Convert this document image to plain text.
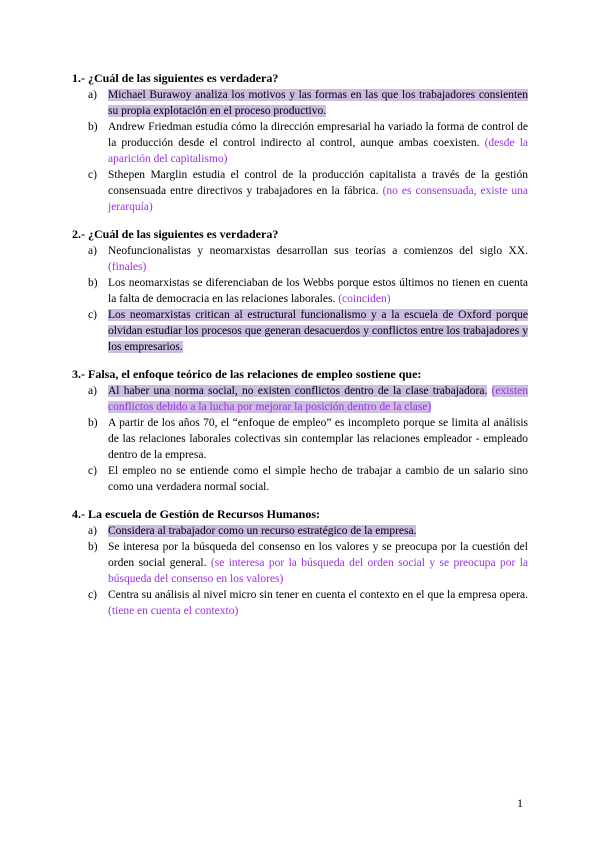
1.- ¿Cuál de las siguientes es verdadera?
a) Michael Burawoy analiza los motivos y las formas en las que los trabajadores consienten su propia explotación en el proceso productivo.
b) Andrew Friedman estudia cómo la dirección empresarial ha variado la forma de control de la producción desde el control indirecto al control, aunque ambas coexisten. (desde la aparición del capitalismo)
c) Sthepen Marglin estudia el control de la producción capitalista a través de la gestión consensuada entre directivos y trabajadores en la fábrica. (no es consensuada, existe una jerarquía)
2.- ¿Cuál de las siguientes es verdadera?
a) Neofuncionalistas y neomarxistas desarrollan sus teorías a comienzos del siglo XX. (finales)
b) Los neomarxistas se diferenciaban de los Webbs porque estos últimos no tienen en cuenta la falta de democracia en las relaciones laborales. (coinciden)
c) Los neomarxistas critican al estructural funcionalismo y a la escuela de Oxford porque olvidan estudiar los procesos que generan desacuerdos y conflictos entre los trabajadores y los empresarios.
3.- Falsa, el enfoque teórico de las relaciones de empleo sostiene que:
a) Al haber una norma social, no existen conflictos dentro de la clase trabajadora. (existen conflictos debido a la lucha por mejorar la posición dentro de la clase)
b) A partir de los años 70, el “enfoque de empleo” es incompleto porque se limita al análisis de las relaciones laborales colectivas sin contemplar las relaciones empleador - empleado dentro de la empresa.
c) El empleo no se entiende como el simple hecho de trabajar a cambio de un salario sino como una verdadera normal social.
4.- La escuela de Gestión de Recursos Humanos:
a) Considera al trabajador como un recurso estratégico de la empresa.
b) Se interesa por la búsqueda del consenso en los valores y se preocupa por la cuestión del orden social general. (se interesa por la búsqueda del orden social y se preocupa por la búsqueda del consenso en los valores)
c) Centra su análisis al nivel micro sin tener en cuenta el contexto en el que la empresa opera. (tiene en cuenta el contexto)
1
